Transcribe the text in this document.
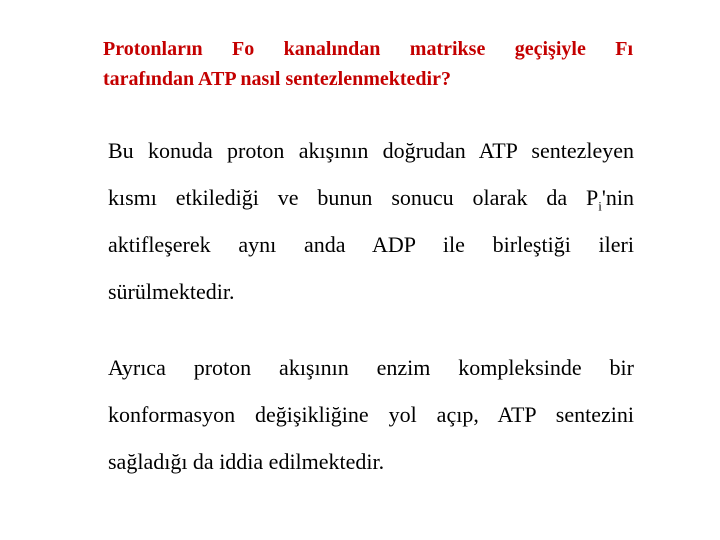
Protonların Fo kanalından matrikse geçişiyle Fı
tarafından ATP nasıl sentezlenmektedir?

Bu konuda proton akışının doğrudan ATP sentezleyen
kısmı etkilediği ve bunun sonucu olarak da $P_i'nin$
aktifleşerek aynı anda ADP ile birleştiği ileri
sürülmektedir.

Ayrıca proton akışının enzim kompleksinde bir
konformasyon değişikliğine yol açıp, ATP sentezini
sağladığı da iddia edilmektedir.
